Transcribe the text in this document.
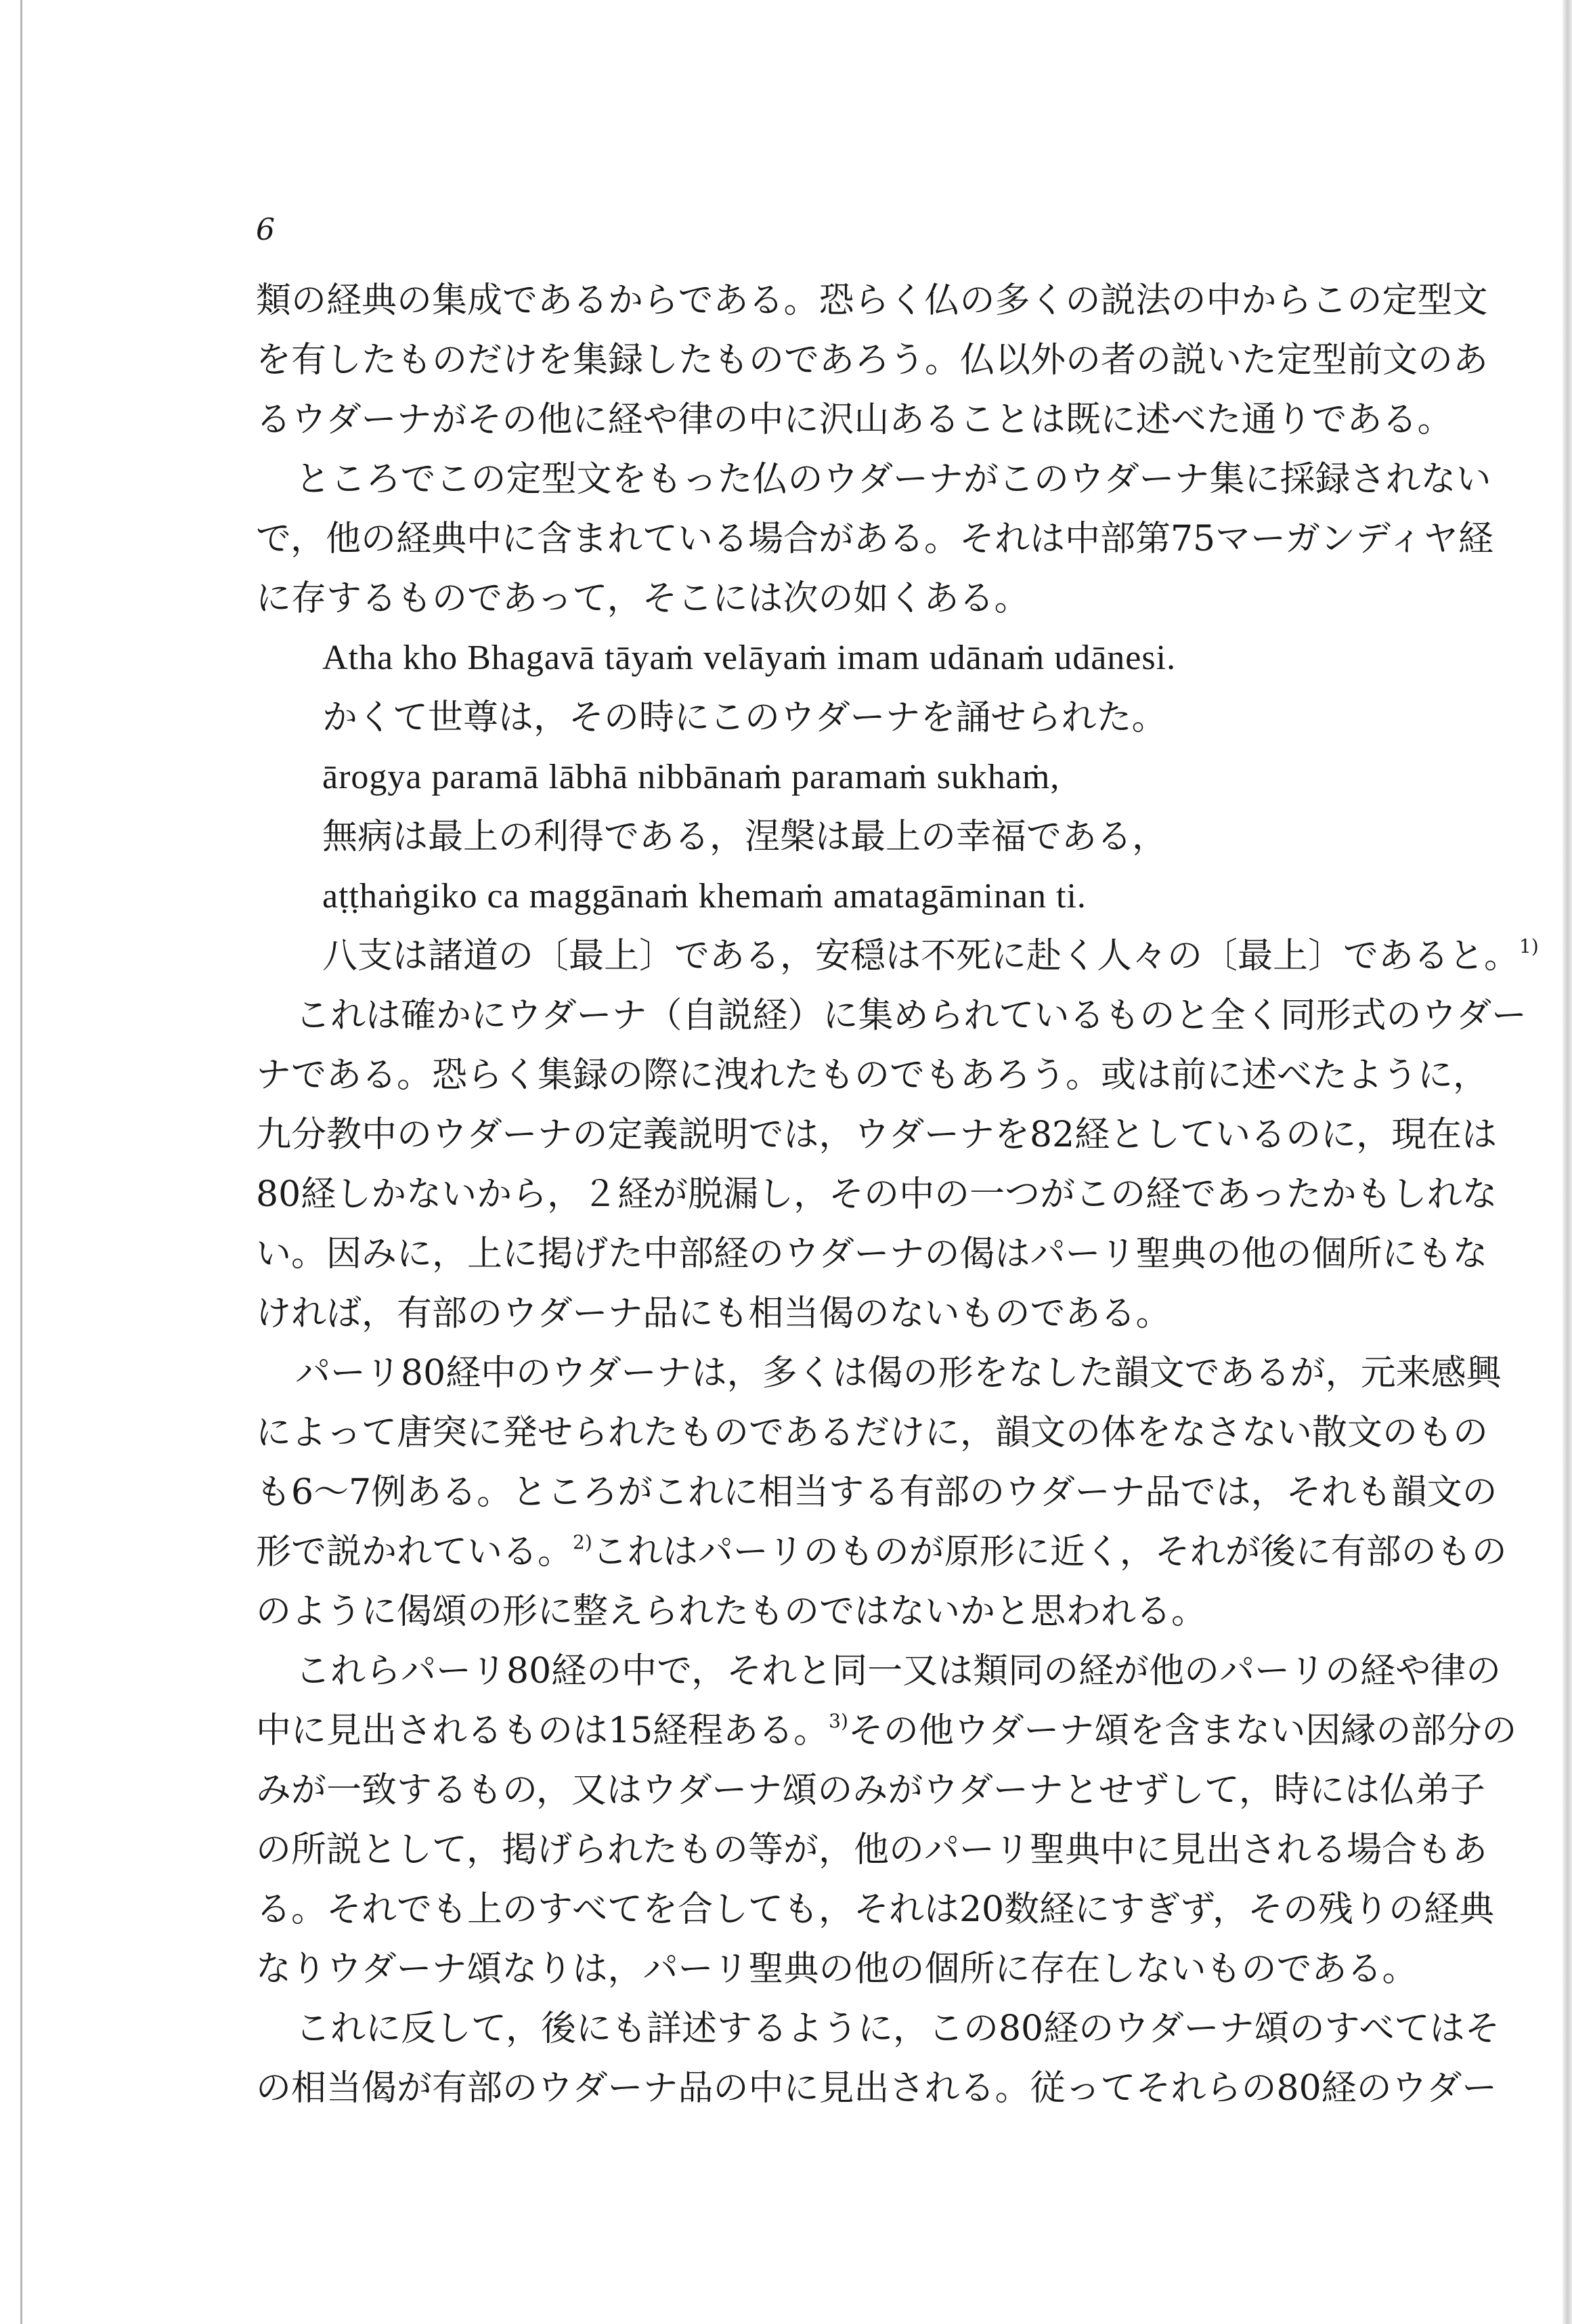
6

類の経典の集成であるからである。恐らく仏の多くの説法の中からこの定型文
を有したものだけを集録したものであろう。仏以外の者の説いた定型前文のあ
るウダーナがその他に経や律の中に沢山あることは既に述べた通りである。

ところでこの定型文をもった仏のウダーナがこのウダーナ集に採録されない
で，他の経典中に含まれている場合がある。それは中部第75マーガンディヤ経
に存するものであって，そこには次の如くある。

Atha kho Bhagavā tāyaṁ velāyaṁ imam udānaṁ udānesi.
かくて世尊は，その時にこのウダーナを誦せられた。
ārogya paramā lābhā nibbānaṁ paramaṁ sukhaṁ,
無病は最上の利得である，涅槃は最上の幸福である，
aṭṭhaṅgiko ca maggānaṁ khemaṁ amatagāminan ti.
八支は諸道の〔最上〕である，安穏は不死に赴く人々の〔最上〕であると。$^{1)}$

これは確かにウダーナ（自説経）に集められているものと全く同形式のウダー
ナである。恐らく集録の際に洩れたものでもあろう。或は前に述べたように，
九分教中のウダーナの定義説明では，ウダーナを82経としているのに，現在は
80経しかないから，２経が脱漏し，その中の一つがこの経であったかもしれな
い。因みに，上に掲げた中部経のウダーナの偈はパーリ聖典の他の個所にもな
ければ，有部のウダーナ品にも相当偈のないものである。

パーリ80経中のウダーナは，多くは偈の形をなした韻文であるが，元来感興
によって唐突に発せられたものであるだけに，韻文の体をなさない散文のもの
も6～7例ある。ところがこれに相当する有部のウダーナ品では，それも韻文の
形で説かれている。$^{2)}$これはパーリのものが原形に近く，それが後に有部のもの
のように偈頌の形に整えられたものではないかと思われる。

これらパーリ80経の中で，それと同一又は類同の経が他のパーリの経や律の
中に見出されるものは15経程ある。$^{3)}$その他ウダーナ頌を含まない因縁の部分の
みが一致するもの，又はウダーナ頌のみがウダーナとせずして，時には仏弟子
の所説として，掲げられたもの等が，他のパーリ聖典中に見出される場合もあ
る。それでも上のすべてを合しても，それは20数経にすぎず，その残りの経典
なりウダーナ頌なりは，パーリ聖典の他の個所に存在しないものである。

これに反して，後にも詳述するように，この80経のウダーナ頌のすべてはそ
の相当偈が有部のウダーナ品の中に見出される。従ってそれらの80経のウダー
